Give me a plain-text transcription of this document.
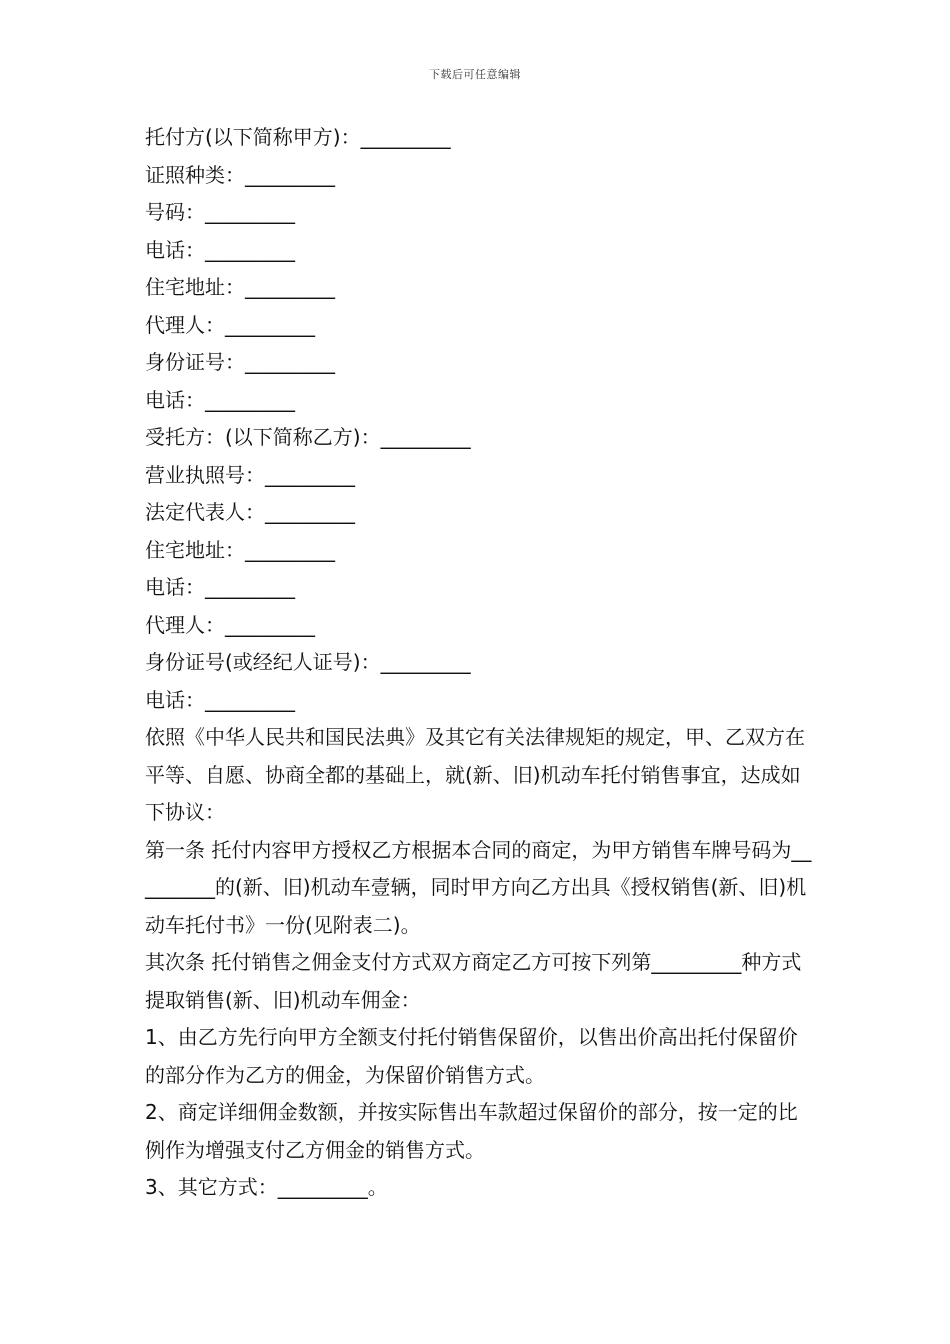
下载后可任意编辑
托付方(以下简称甲方)：_________
证照种类：_________
号码：_________
电话：_________
住宅地址：_________
代理人：_________
身份证号：_________
电话：_________
受托方：(以下简称乙方)：_________
营业执照号：_________
法定代表人：_________
住宅地址：_________
电话：_________
代理人：_________
身份证号(或经纪人证号)：_________
电话：_________
依照《中华人民共和国民法典》及其它有关法律规矩的规定，甲、乙双方在平等、自愿、协商全都的基础上，就(新、旧)机动车托付销售事宜，达成如下协议：
第一条 托付内容甲方授权乙方根据本合同的商定，为甲方销售车牌号码为_________的(新、旧)机动车壹辆，同时甲方向乙方出具《授权销售(新、旧)机动车托付书》一份(见附表二)。
其次条 托付销售之佣金支付方式双方商定乙方可按下列第_________种方式提取销售(新、旧)机动车佣金：
1、由乙方先行向甲方全额支付托付销售保留价，以售出价高出托付保留价的部分作为乙方的佣金，为保留价销售方式。
2、商定详细佣金数额，并按实际售出车款超过保留价的部分，按一定的比例作为增强支付乙方佣金的销售方式。
3、其它方式：_________。
